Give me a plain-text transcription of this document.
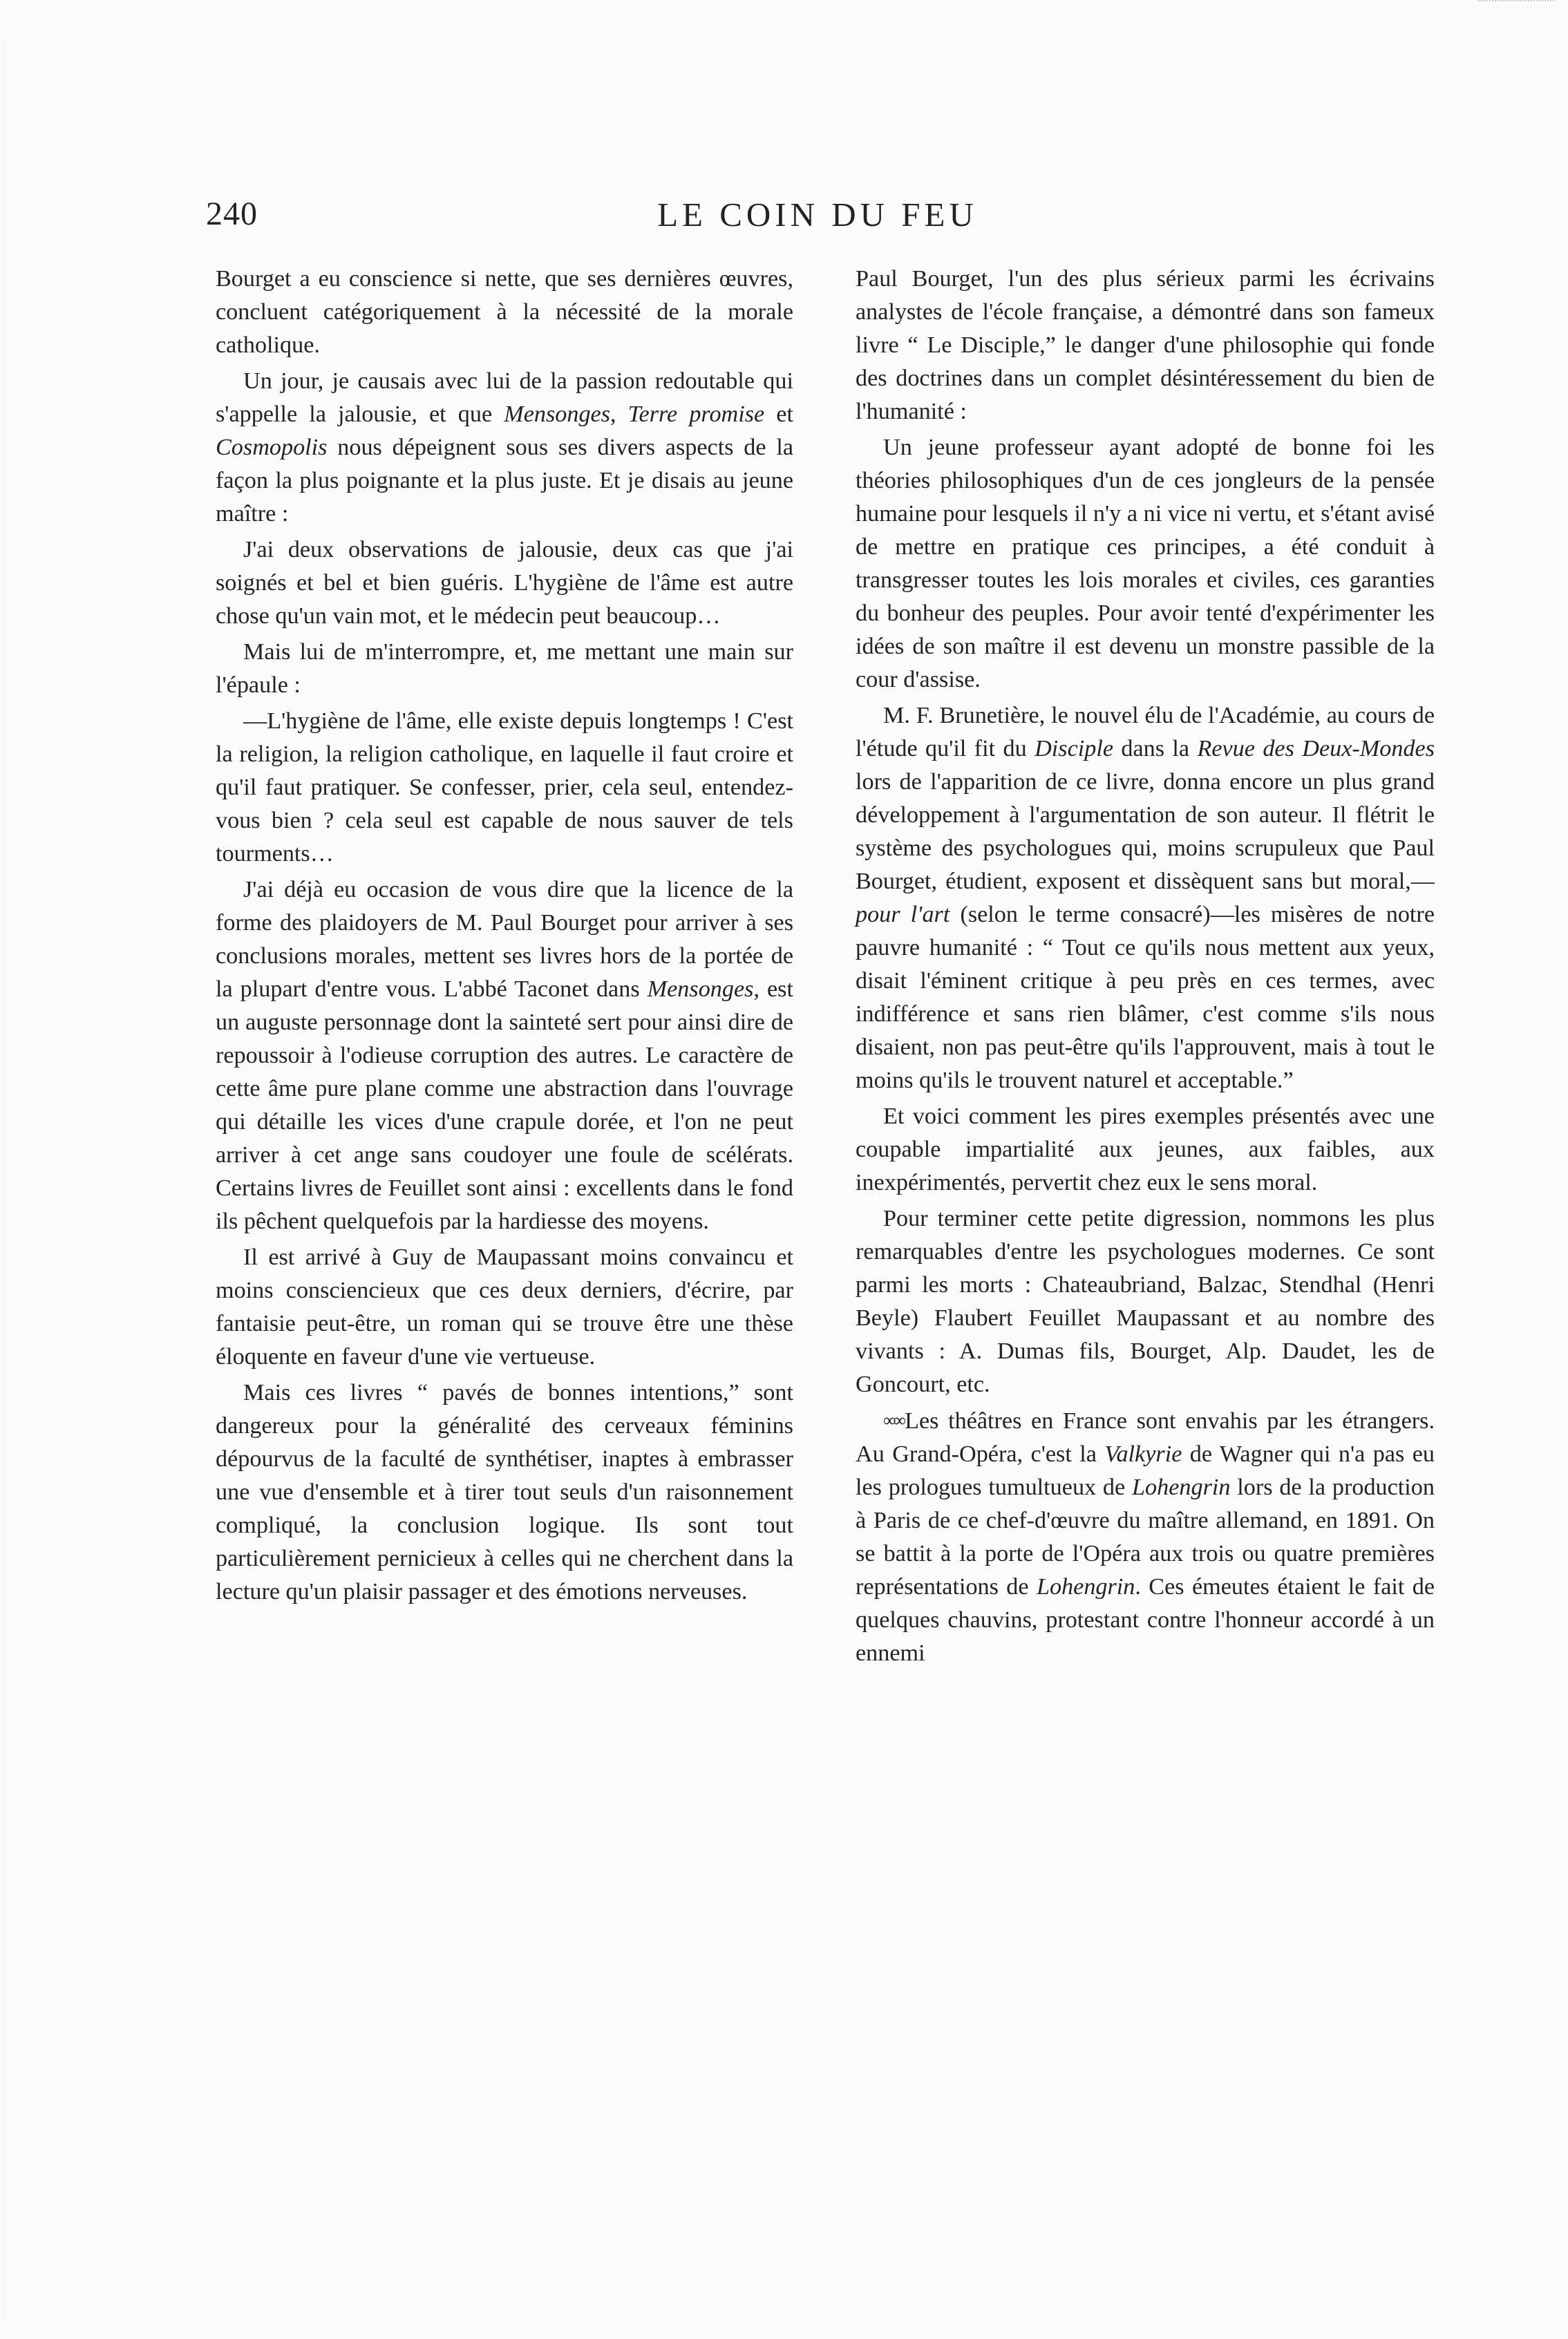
240	LE COIN DU FEU

Bourget a eu conscience si nette, que ses dernières œuvres, concluent catégoriquement à la nécessité de la morale catholique.

Un jour, je causais avec lui de la passion redoutable qui s'appelle la jalousie, et que Mensonges, Terre promise et Cosmopolis nous dépeignent sous ses divers aspects de la façon la plus poignante et la plus juste. Et je disais au jeune maître :

J'ai deux observations de jalousie, deux cas que j'ai soignés et bel et bien guéris. L'hygiène de l'âme est autre chose qu'un vain mot, et le médecin peut beaucoup…

Mais lui de m'interrompre, et, me mettant une main sur l'épaule :

—L'hygiène de l'âme, elle existe depuis longtemps ! C'est la religion, la religion catholique, en laquelle il faut croire et qu'il faut pratiquer. Se confesser, prier, cela seul, entendez-vous bien ? cela seul est capable de nous sauver de tels tourments…

J'ai déjà eu occasion de vous dire que la licence de la forme des plaidoyers de M. Paul Bourget pour arriver à ses conclusions morales, mettent ses livres hors de la portée de la plupart d'entre vous. L'abbé Taconet dans Mensonges, est un auguste personnage dont la sainteté sert pour ainsi dire de repoussoir à l'odieuse corruption des autres. Le caractère de cette âme pure plane comme une abstraction dans l'ouvrage qui détaille les vices d'une crapule dorée, et l'on ne peut arriver à cet ange sans coudoyer une foule de scélérats. Certains livres de Feuillet sont ainsi : excellents dans le fond ils pêchent quelquefois par la hardiesse des moyens.

Il est arrivé à Guy de Maupassant moins convaincu et moins consciencieux que ces deux derniers, d'écrire, par fantaisie peut-être, un roman qui se trouve être une thèse éloquente en faveur d'une vie vertueuse.

Mais ces livres “ pavés de bonnes intentions,” sont dangereux pour la généralité des cerveaux féminins dépourvus de la faculté de synthétiser, inaptes à embrasser une vue d'ensemble et à tirer tout seuls d'un raisonnement compliqué, la conclusion logique. Ils sont tout particulièrement pernicieux à celles qui ne cherchent dans la lecture qu'un plaisir passager et des émotions nerveuses.

Paul Bourget, l'un des plus sérieux parmi les écrivains analystes de l'école française, a démontré dans son fameux livre “ Le Disciple,” le danger d'une philosophie qui fonde des doctrines dans un complet désintéressement du bien de l'humanité :

Un jeune professeur ayant adopté de bonne foi les théories philosophiques d'un de ces jongleurs de la pensée humaine pour lesquels il n'y a ni vice ni vertu, et s'étant avisé de mettre en pratique ces principes, a été conduit à transgresser toutes les lois morales et civiles, ces garanties du bonheur des peuples. Pour avoir tenté d'expérimenter les idées de son maître il est devenu un monstre passible de la cour d'assise.

M. F. Brunetière, le nouvel élu de l'Académie, au cours de l'étude qu'il fit du Disciple dans la Revue des Deux-Mondes lors de l'apparition de ce livre, donna encore un plus grand développement à l'argumentation de son auteur. Il flétrit le système des psychologues qui, moins scrupuleux que Paul Bourget, étudient, exposent et dissèquent sans but moral,—pour l'art (selon le terme consacré)—les misères de notre pauvre humanité : “ Tout ce qu'ils nous mettent aux yeux, disait l'éminent critique à peu près en ces termes, avec indifférence et sans rien blâmer, c'est comme s'ils nous disaient, non pas peut-être qu'ils l'approuvent, mais à tout le moins qu'ils le trouvent naturel et acceptable.”

Et voici comment les pires exemples présentés avec une coupable impartialité aux jeunes, aux faibles, aux inexpérimentés, pervertit chez eux le sens moral.

Pour terminer cette petite digression, nommons les plus remarquables d'entre les psychologues modernes. Ce sont parmi les morts : Chateaubriand, Balzac, Stendhal (Henri Beyle) Flaubert Feuillet Maupassant et au nombre des vivants : A. Dumas fils, Bourget, Alp. Daudet, les de Goncourt, etc.

∞∞Les théâtres en France sont envahis par les étrangers. Au Grand-Opéra, c'est la Valkyrie de Wagner qui n'a pas eu les prologues tumultueux de Lohengrin lors de la production à Paris de ce chef-d'œuvre du maître allemand, en 1891. On se battit à la porte de l'Opéra aux trois ou quatre premières représentations de Lohengrin. Ces émeutes étaient le fait de quelques chauvins, protestant contre l'honneur accordé à un ennemi
